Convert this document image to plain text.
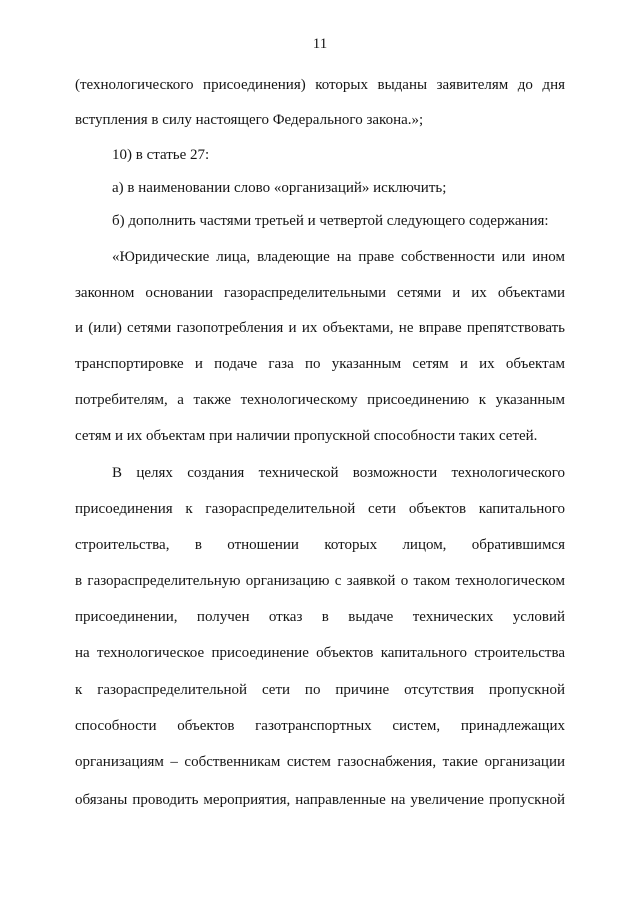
11
(технологического присоединения) которых выданы заявителям до дня
вступления в силу настоящего Федерального закона.»;
10) в статье 27:
а) в наименовании слово «организаций» исключить;
б) дополнить частями третьей и четвертой следующего содержания:
«Юридические лица, владеющие на праве собственности или ином
законном основании газораспределительными сетями и их объектами
и (или) сетями газопотребления и их объектами, не вправе препятствовать
транспортировке и подаче газа по указанным сетям и их объектам
потребителям, а также технологическому присоединению к указанным
сетям и их объектам при наличии пропускной способности таких сетей.
В целях создания технической возможности технологического
присоединения к газораспределительной сети объектов капитального
строительства, в отношении которых лицом, обратившимся
в газораспределительную организацию с заявкой о таком технологическом
присоединении, получен отказ в выдаче технических условий
на технологическое присоединение объектов капитального строительства
к газораспределительной сети по причине отсутствия пропускной
способности объектов газотранспортных систем, принадлежащих
организациям – собственникам систем газоснабжения, такие организации
обязаны проводить мероприятия, направленные на увеличение пропускной
